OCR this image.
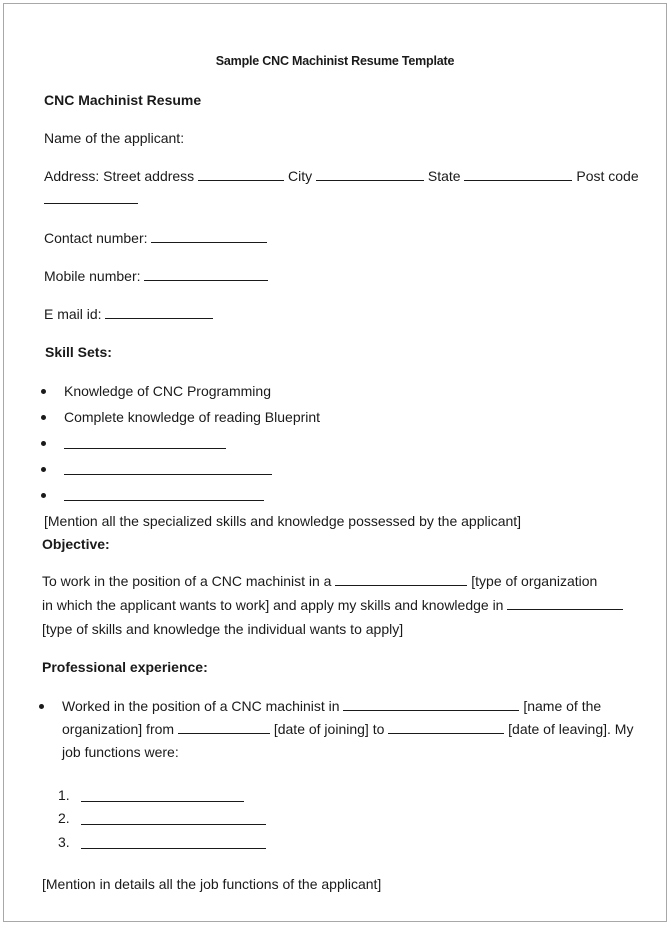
Sample CNC Machinist Resume Template
CNC Machinist Resume
Name of the applicant:
Address: Street address	City	State	Post code
Contact number:
Mobile number:
E mail id:
Skill Sets:
Knowledge of CNC Programming
Complete knowledge of reading Blueprint
[Mention all the specialized skills and knowledge possessed by the applicant]
Objective:
To work in the position of a CNC machinist in a	[type of organization
in which the applicant wants to work] and apply my skills and knowledge in
[type of skills and knowledge the individual wants to apply]
Professional experience:
Worked in the position of a CNC machinist in	[name of the
organization] from	[date of joining] to	[date of leaving]. My
job functions were:
1.
2.
3.
[Mention in details all the job functions of the applicant]
